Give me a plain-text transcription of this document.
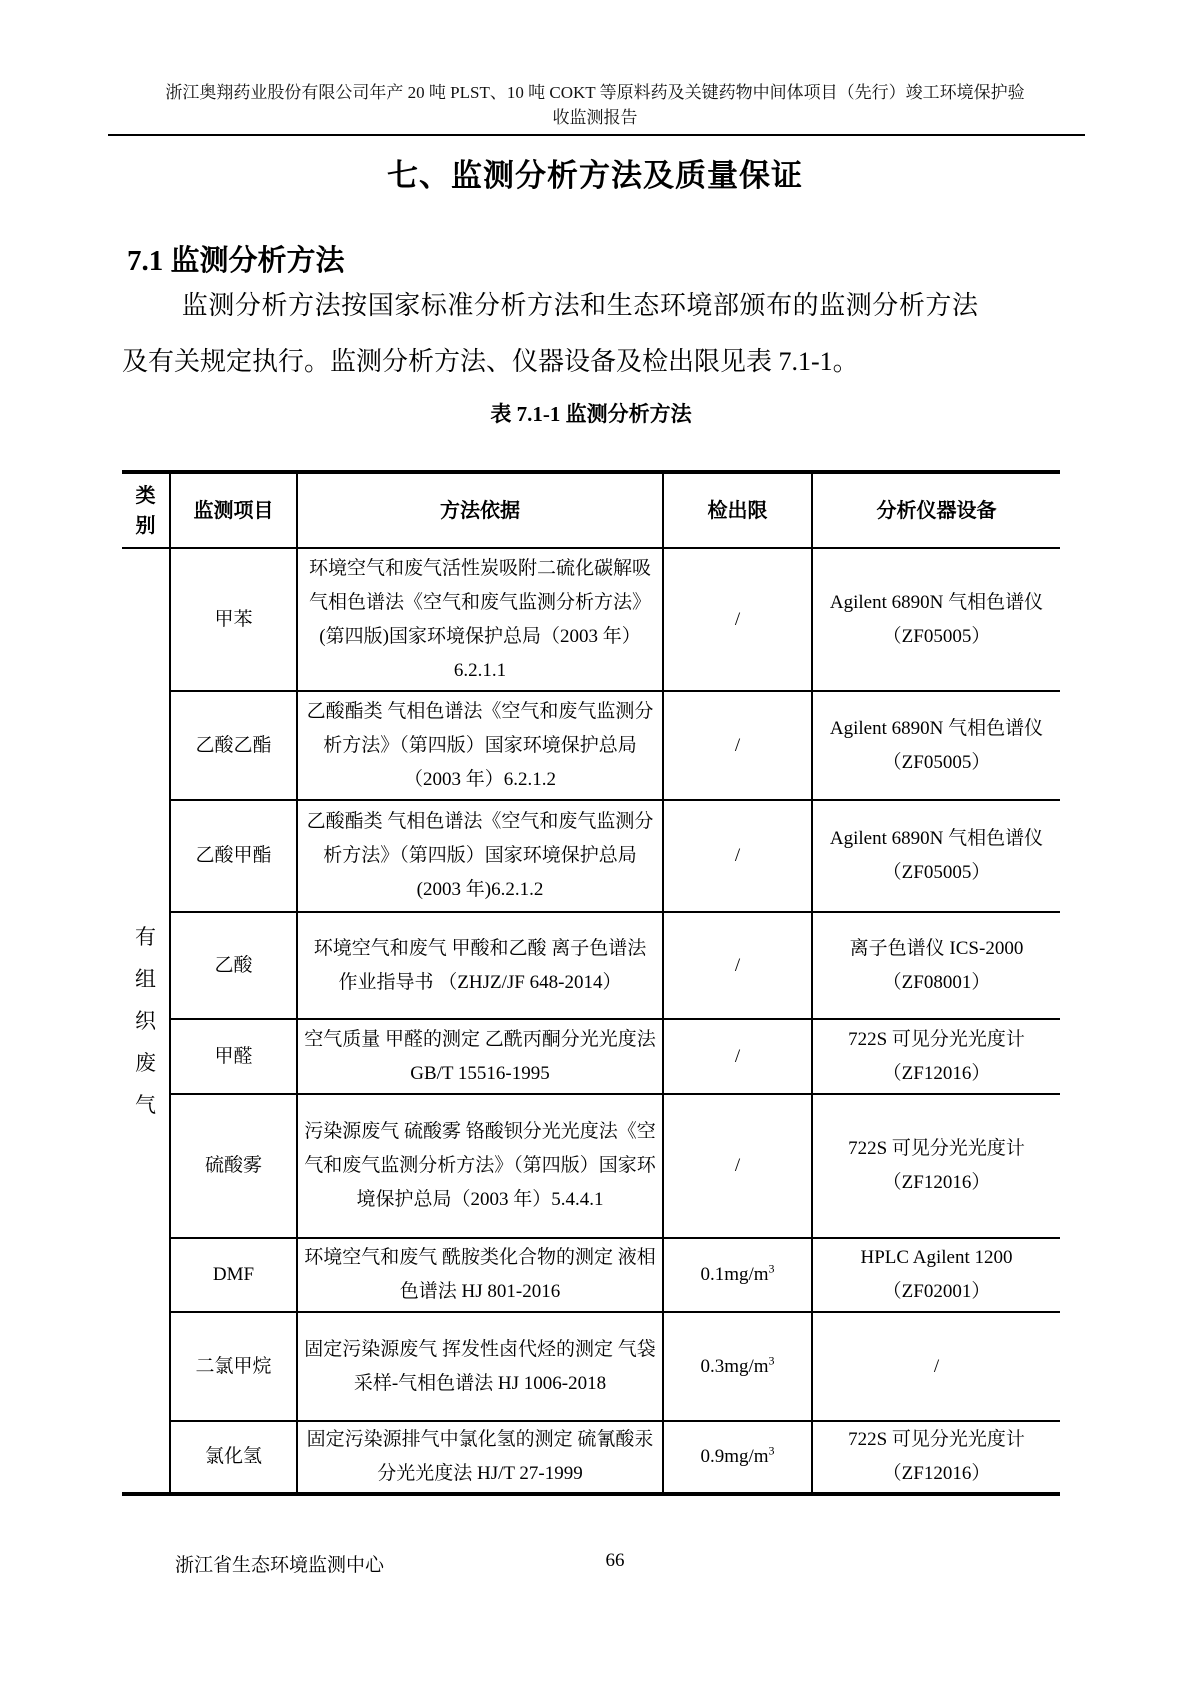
浙江奥翔药业股份有限公司年产 20 吨 PLST、10 吨 COKT 等原料药及关键药物中间体项目（先行）竣工环境保护验
收监测报告
七、监测分析方法及质量保证
7.1 监测分析方法
监测分析方法按国家标准分析方法和生态环境部颁布的监测分析方法及有关规定执行。监测分析方法、仪器设备及检出限见表 7.1-1。
表 7.1-1 监测分析方法
类别	监测项目	方法依据	检出限	分析仪器设备

有组织废气	甲苯	环境空气和废气活性炭吸附二硫化碳解吸气相色谱法《空气和废气监测分析方法》 (第四版)国家环境保护总局（2003 年）6.2.1.1	/	Agilent 6890N 气相色谱仪（ZF05005）
	乙酸乙酯	乙酸酯类 气相色谱法《空气和废气监测分析方法》（第四版）国家环境保护总局（2003 年）6.2.1.2	/	Agilent 6890N 气相色谱仪（ZF05005）
	乙酸甲酯	乙酸酯类 气相色谱法《空气和废气监测分析方法》（第四版）国家环境保护总局(2003 年)6.2.1.2	/	Agilent 6890N 气相色谱仪（ZF05005）
	乙酸	环境空气和废气 甲酸和乙酸 离子色谱法 作业指导书 （ZHJZ/JF 648-2014）	/	离子色谱仪 ICS-2000（ZF08001）
	甲醛	空气质量 甲醛的测定 乙酰丙酮分光光度法 GB/T 15516-1995	/	722S 可见分光光度计（ZF12016）
	硫酸雾	污染源废气 硫酸雾 铬酸钡分光光度法《空气和废气监测分析方法》（第四版）国家环境保护总局（2003 年）5.4.4.1	/	722S 可见分光光度计（ZF12016）
	DMF	环境空气和废气 酰胺类化合物的测定 液相色谱法 HJ 801-2016	$0.1mg/m^3$	HPLC Agilent 1200（ZF02001）
	二氯甲烷	固定污染源废气 挥发性卤代烃的测定 气袋采样-气相色谱法 HJ 1006-2018	$0.3mg/m^3$	/
	氯化氢	固定污染源排气中氯化氢的测定 硫氰酸汞分光光度法 HJ/T 27-1999	$0.9mg/m^3$	722S 可见分光光度计（ZF12016）
浙江省生态环境监测中心	66
